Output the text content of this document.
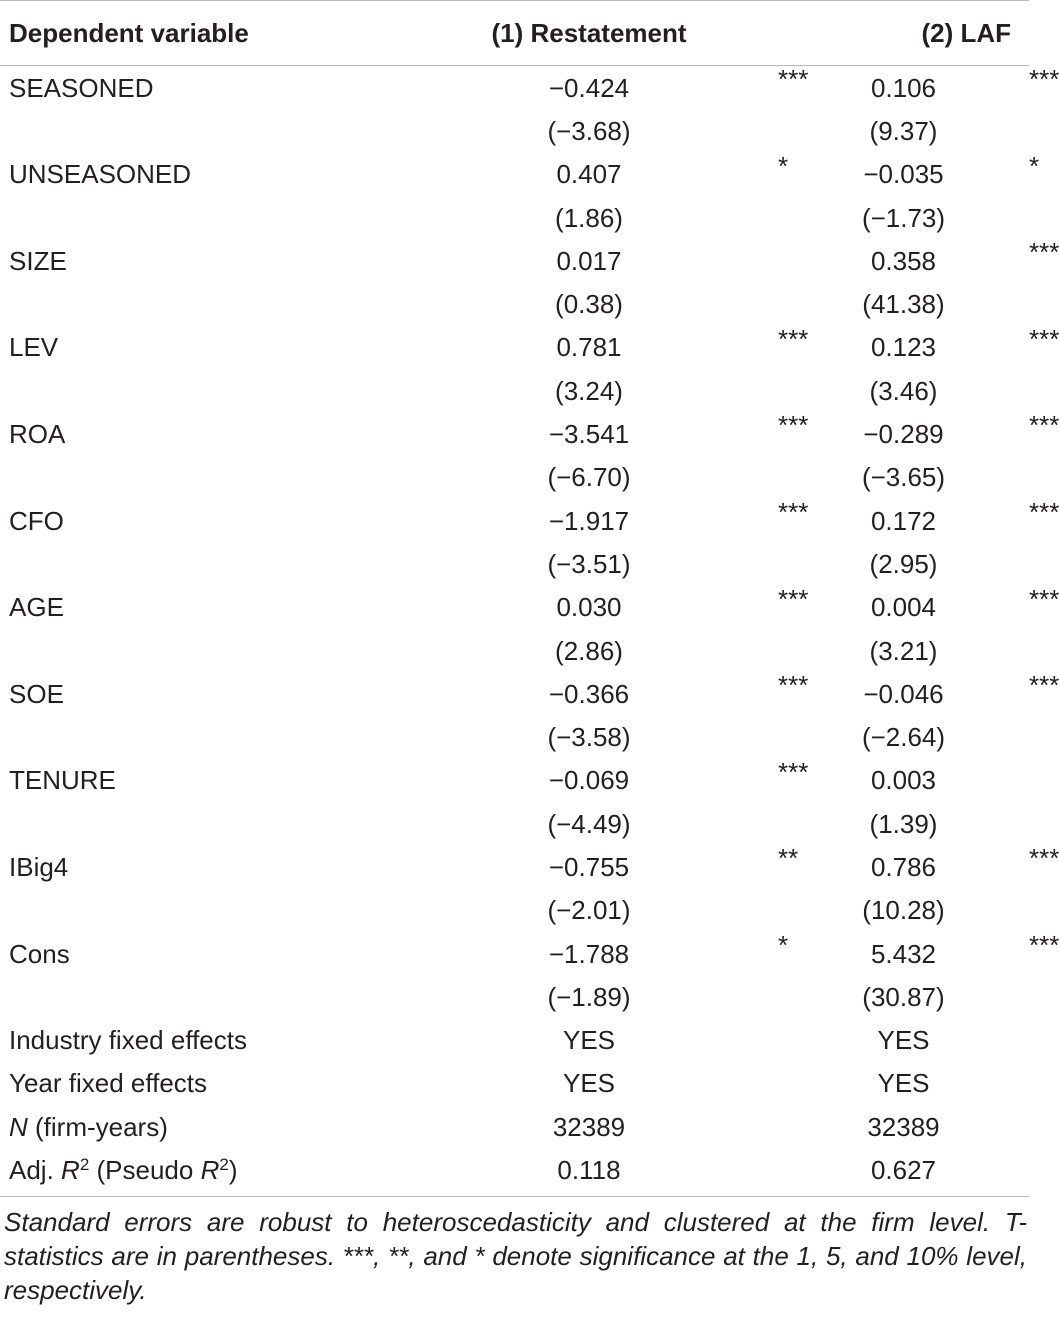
Dependent variable	(1) Restatement	(2) LAF
SEASONED	−0.424 ***	0.106 ***

	(−3.68)	(9.37)
UNSEASONED	0.407 *	−0.035 *

	(1.86)	(−1.73)
SIZE	0.017	0.358 ***

	(0.38)	(41.38)
LEV	0.781 ***	0.123 ***

	(3.24)	(3.46)
ROA	−3.541 ***	−0.289 ***

	(−6.70)	(−3.65)
CFO	−1.917 ***	0.172 ***

	(−3.51)	(2.95)
AGE	0.030 ***	0.004 ***

	(2.86)	(3.21)
SOE	−0.366 ***	−0.046 ***

	(−3.58)	(−2.64)
TENURE	−0.069 ***	0.003

	(−4.49)	(1.39)
IBig4	−0.755 **	0.786 ***

	(−2.01)	(10.28)
Cons	−1.788 *	5.432 ***

	(−1.89)	(30.87)
Industry fixed effects	YES	YES
Year fixed effects	YES	YES
N (firm-years)	32389	32389
Adj. $R^2$ (Pseudo $R^2$)	0.118	0.627
Standard errors are robust to heteroscedasticity and clustered at the firm level. T-statistics are in parentheses. ***, **, and * denote significance at the 1, 5, and 10% level, respectively.
